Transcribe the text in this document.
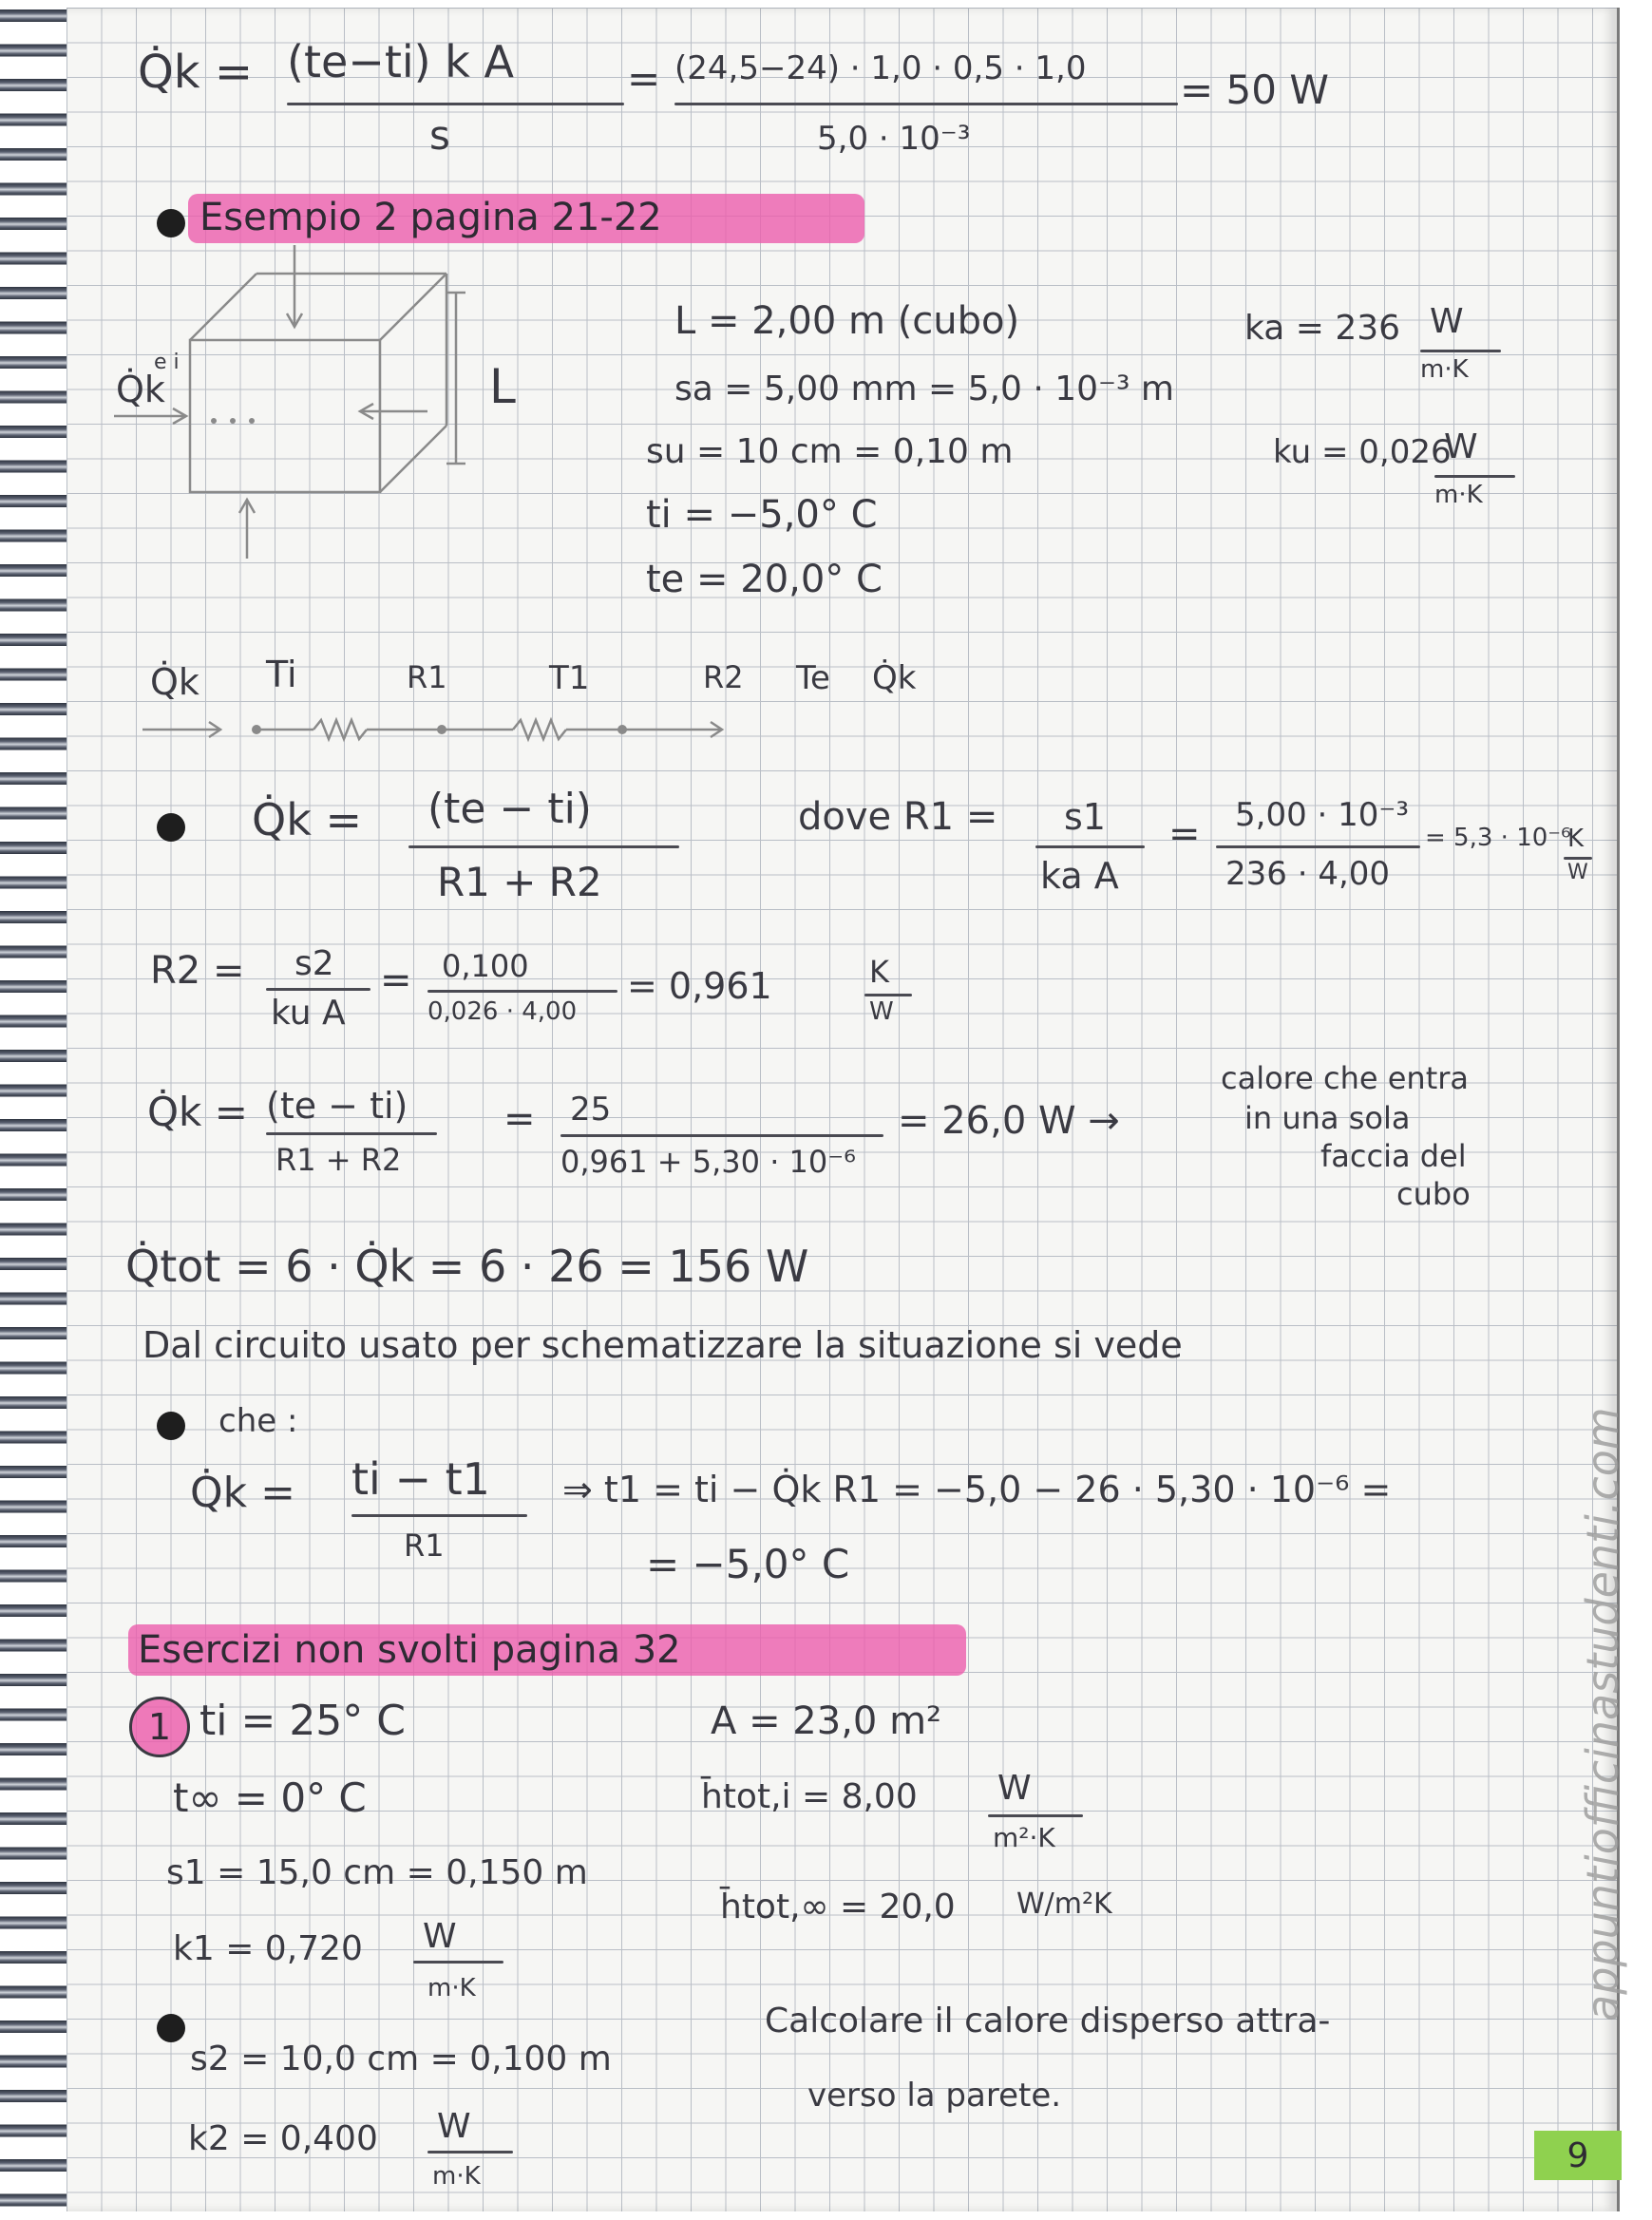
Q̇k = (te−ti) k A
s
= (24,5−24) · 1,0 · 0,5 · 1,0
5,0 · 10⁻³
= 50 W
Esempio 2 pagina 21-22
Q̇k
e i	L
L = 2,00 m (cubo)
sa = 5,00 mm = 5,0 · 10⁻³ m
su = 10 cm = 0,10 m
ti = −5,0° C
te = 20,0° C
ka = 236 W
m·K
ku = 0,026
W
m·K
Q̇k Ti	R1	T1	R2 Te Q̇k
Q̇k = (te − ti)
R1 + R2
dove R1 = s1
ka A
= 5,00 · 10⁻³
236 · 4,00
= 5,3 · 10⁻⁶
K
W
R2 = s2
ku A
= 0,100
0,026 · 4,00
= 0,961	K
W
Q̇k = (te − ti)
R1 + R2
= 25
0,961 + 5,30 · 10⁻⁶
= 26,0 W →
calore che entra
in una sola
faccia del
cubo
Q̇tot = 6 · Q̇k = 6 · 26 = 156 W
Dal circuito usato per schematizzare la situazione si vede
che :
Q̇k = ti − t1
R1
⇒ t1 = ti − Q̇k R1 = −5,0 − 26 · 5,30 · 10⁻⁶ =
= −5,0° C
Esercizi non svolti pagina 32
1 ti = 25° C
t∞ = 0° C
s1 = 15,0 cm = 0,150 m
k1 = 0,720 W
m·K
s2 = 10,0 cm = 0,100 m
k2 = 0,400 W
m·K
A = 23,0 m²
h̄tot,i = 8,00 W
m²·K
h̄tot,∞ = 20,0 W/m²K
Calcolare il calore disperso attra-
verso la parete.
appuntiofficinastudenti.com
9
